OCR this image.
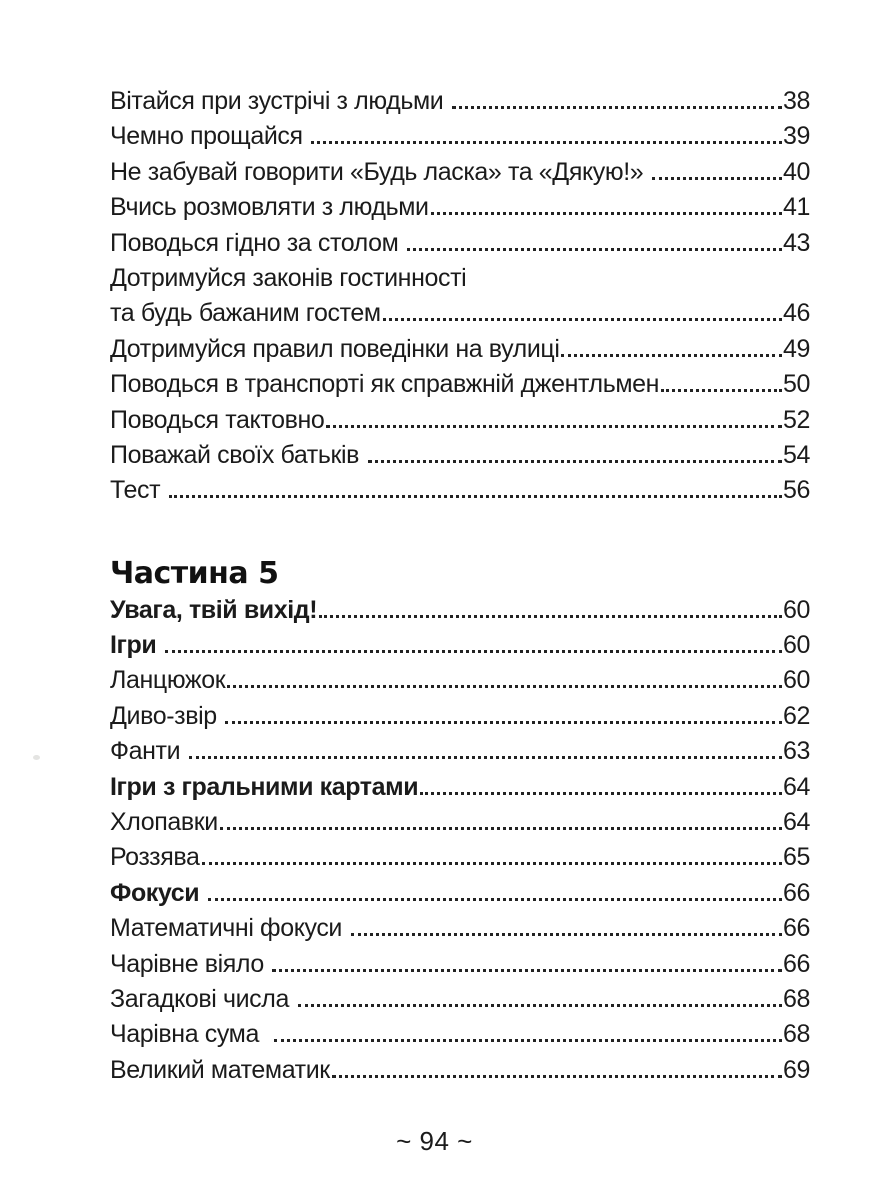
Вітайся при зустрічі з людьми	38
Чемно прощайся	39
Не забувай говорити «Будь ласка» та «Дякую!»	40
Вчись розмовляти з людьми	41
Поводься гідно за столом	43
Дотримуйся законів гостинності
та будь бажаним гостем	46
Дотримуйся правил поведінки на вулиці	49
Поводься в транспорті як справжній джентльмен	50
Поводься тактовно	52
Поважай своїх батьків	54
Тест	56
Частина 5
Увага, твій вихід!	60
Ігри	60
Ланцюжок	60
Диво-звір	62
Фанти	63
Ігри з гральними картами	64
Хлопавки	64
Роззява	65
Фокуси	66
Математичні фокуси	66
Чарівне віяло	66
Загадкові числа	68
Чарівна сума	68
Великий математик	69
~ 94 ~
